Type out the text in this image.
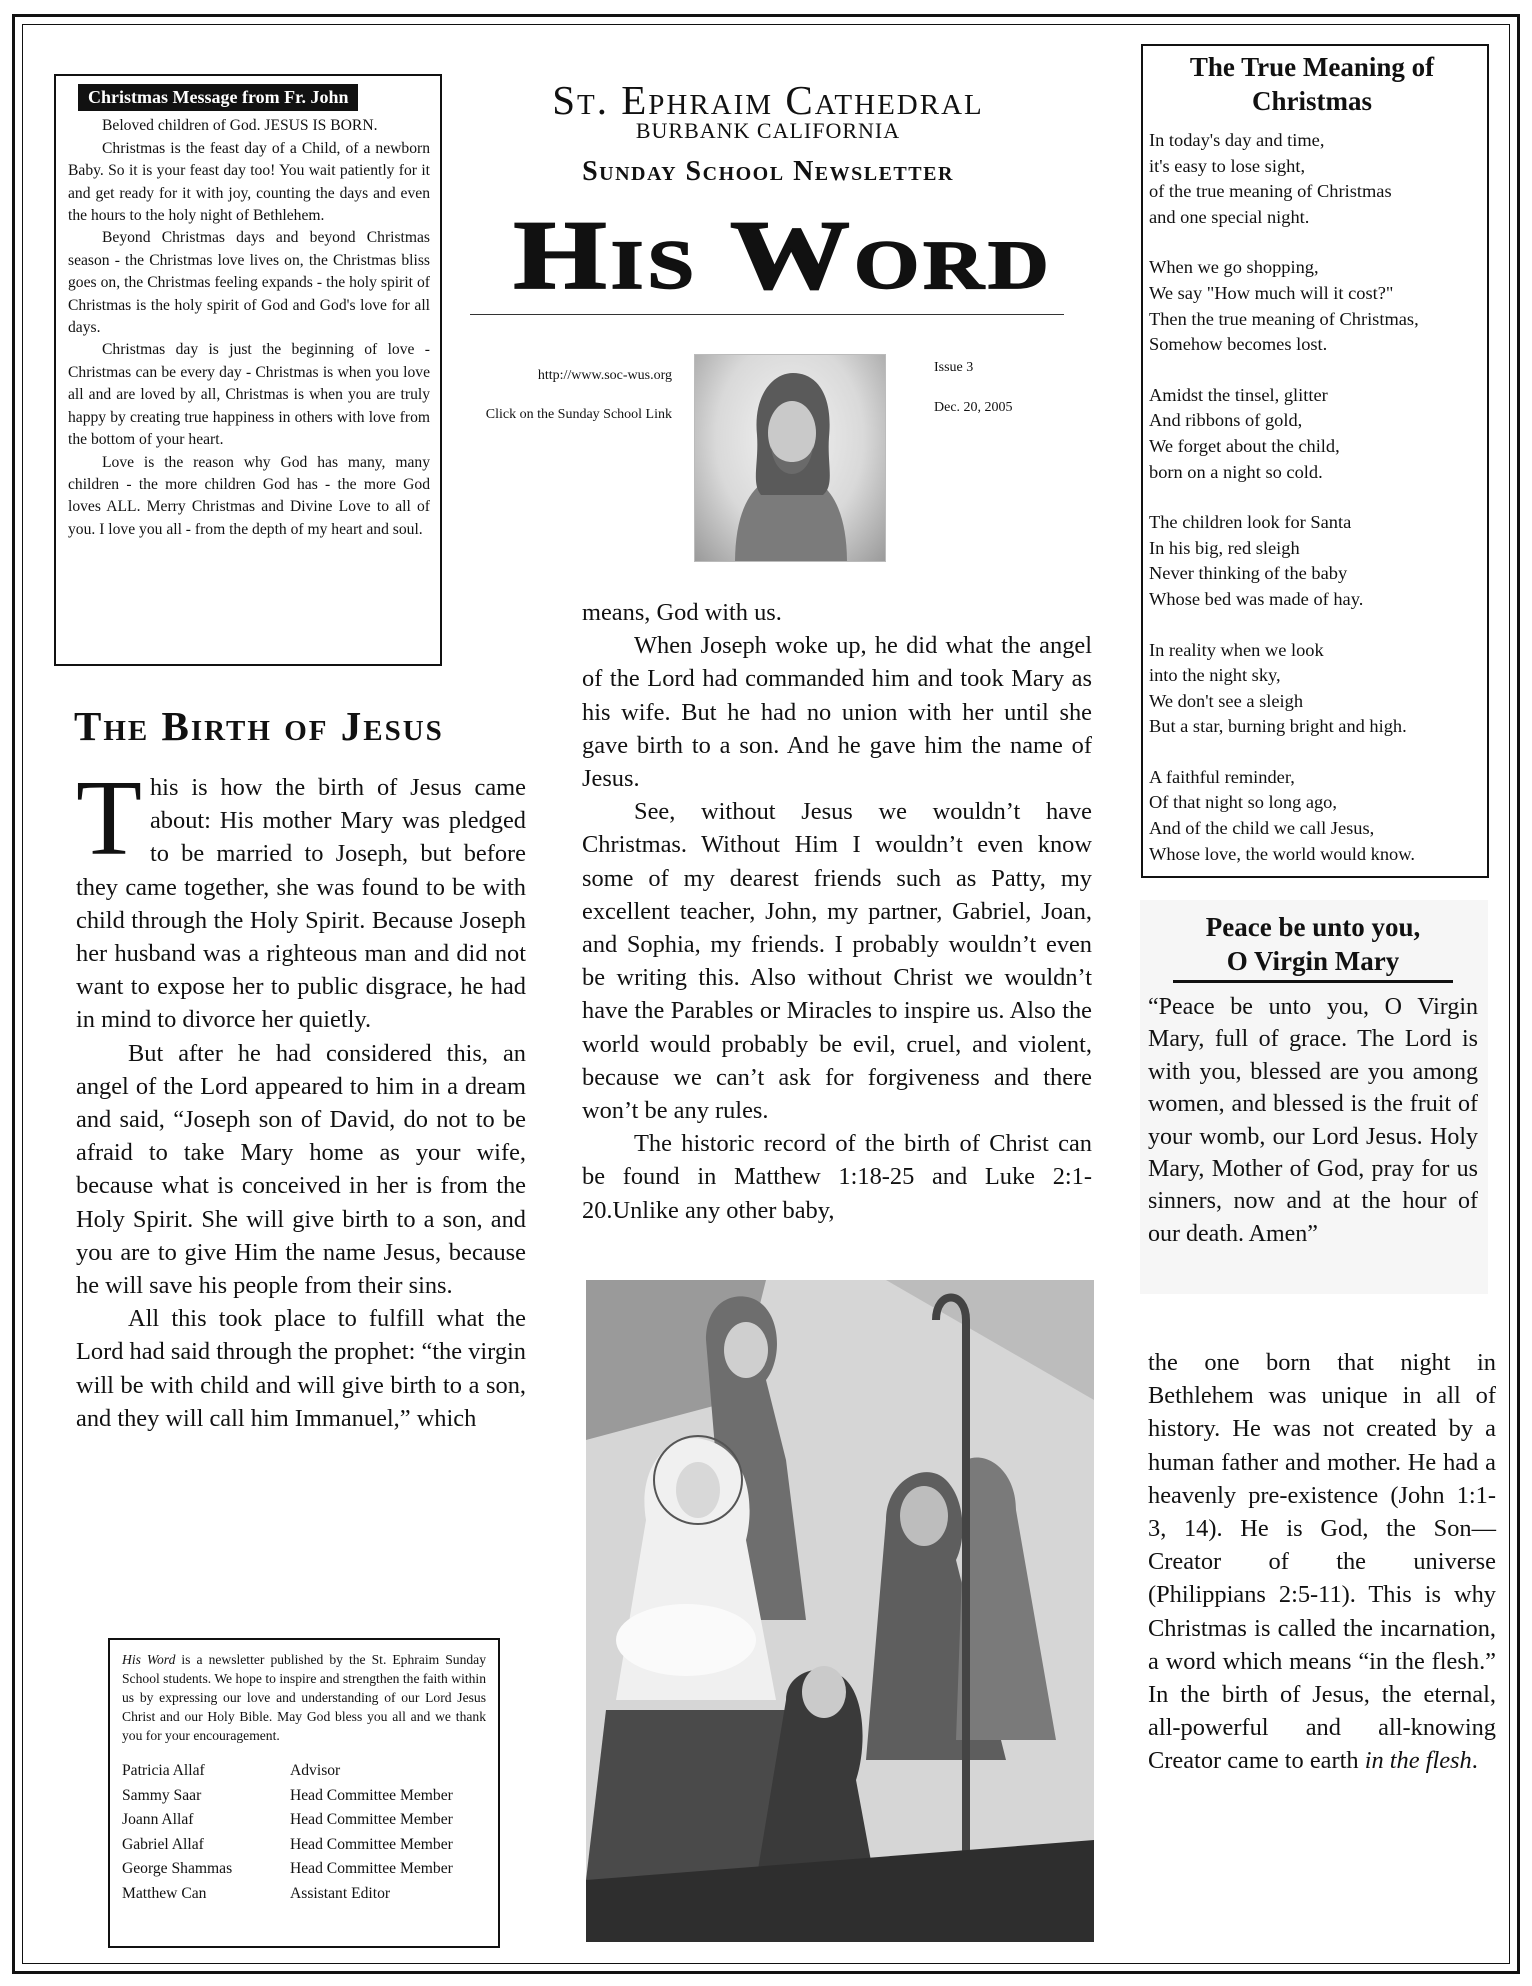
Christmas Message from Fr. John

Beloved children of God. JESUS IS BORN.

Christmas is the feast day of a Child, of a newborn Baby. So it is your feast day too! You wait patiently for it and get ready for it with joy, counting the days and even the hours to the holy night of Bethlehem.

Beyond Christmas days and beyond Christmas season - the Christmas love lives on, the Christmas bliss goes on, the Christmas feeling expands - the holy spirit of Christmas is the holy spirit of God and God's love for all days.

Christmas day is just the beginning of love - Christmas can be every day - Christmas is when you love all and are loved by all, Christmas is when you are truly happy by creating true happiness in others with love from the bottom of your heart.

Love is the reason why God has many, many children - the more children God has - the more God loves ALL. Merry Christmas and Divine Love to all of you. I love you all - from the depth of my heart and soul.

St. Ephraim Cathedral
BURBANK CALIFORNIA
Sunday School Newsletter
His Word
http://www.soc-wus.org
Click on the Sunday School Link
Issue 3
Dec. 20, 2005
The True Meaning of Christmas
In today's day and time,
it's easy to lose sight,
of the true meaning of Christmas
and one special night.
When we go shopping,
We say "How much will it cost?"
Then the true meaning of Christmas,
Somehow becomes lost.
Amidst the tinsel, glitter
And ribbons of gold,
We forget about the child,
born on a night so cold.
The children look for Santa
In his big, red sleigh
Never thinking of the baby
Whose bed was made of hay.
In reality when we look
into the night sky,
We don't see a sleigh
But a star, burning bright and high.
A faithful reminder,
Of that night so long ago,
And of the child we call Jesus,
Whose love, the world would know.
Peace be unto you,
O Virgin Mary
“Peace be unto you, O Virgin Mary, full of grace. The Lord is with you, blessed are you among women, and blessed is the fruit of your womb, our Lord Jesus. Holy Mary, Mother of God, pray for us sinners, now and at the hour of our death. Amen”
The Birth of Jesus

This is how the birth of Jesus came about: His mother Mary was pledged to be married to Joseph, but before they came together, she was found to be with child through the Holy Spirit. Because Joseph her husband was a righteous man and did not want to expose her to public disgrace, he had in mind to divorce her quietly.

But after he had considered this, an angel of the Lord appeared to him in a dream and said, “Joseph son of David, do not to be afraid to take Mary home as your wife, because what is conceived in her is from the Holy Spirit. She will give birth to a son, and you are to give Him the name Jesus, because he will save his people from their sins.

All this took place to fulfill what the Lord had said through the prophet: “the virgin will be with child and will give birth to a son, and they will call him Immanuel,” which

means, God with us.

When Joseph woke up, he did what the angel of the Lord had commanded him and took Mary as his wife. But he had no union with her until she gave birth to a son. And he gave him the name of Jesus.

See, without Jesus we wouldn’t have Christmas. Without Him I wouldn’t even know some of my dearest friends such as Patty, my excellent teacher, John, my partner, Gabriel, Joan, and Sophia, my friends. I probably wouldn’t even be writing this. Also without Christ we wouldn’t have the Parables or Miracles to inspire us. Also the world would probably be evil, cruel, and violent, because we can’t ask for forgiveness and there won’t be any rules.

The historic record of the birth of Christ can be found in Matthew 1:18-25 and Luke 2:1-20.Unlike any other baby,

the one born that night in Bethlehem was unique in all of history. He was not created by a human father and mother. He had a heavenly pre-existence (John 1:1-3, 14). He is God, the Son—Creator of the universe (Philippians 2:5-11). This is why Christmas is called the incarnation, a word which means “in the flesh.” In the birth of Jesus, the eternal, all-powerful and all-knowing Creator came to earth in the flesh.
His Word is a newsletter published by the St. Ephraim Sunday School students. We hope to inspire and strengthen the faith within us by expressing our love and understanding of our Lord Jesus Christ and our Holy Bible. May God bless you all and we thank you for your encouragement.
Patricia Allaf	Advisor
Sammy Saar	Head Committee Member
Joann Allaf	Head Committee Member
Gabriel Allaf	Head Committee Member
George Shammas	Head Committee Member
Matthew Can	Assistant Editor
